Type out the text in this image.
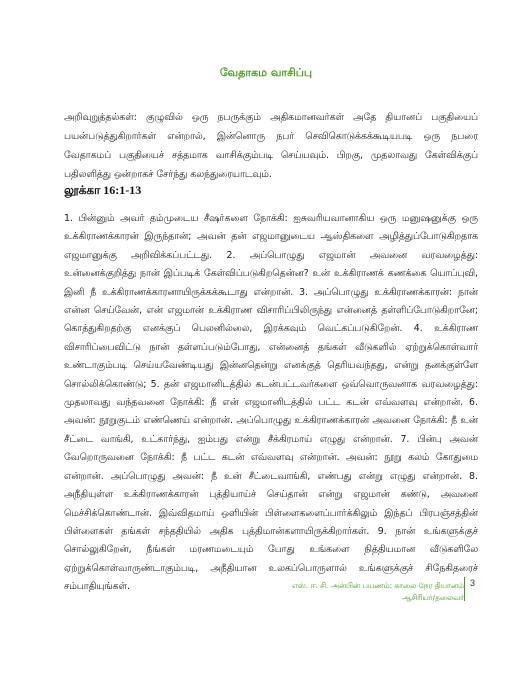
வேதாகம வாசிப்பு
அறிவுறுத்தல்கள்: குழுவில் ஒரு நபருக்கும் அதிகமானவர்கள் அதே தியானப் பகுதியைப் பயன்படுத்துகிறார்கள் என்றால், இன்னொரு நபர் செவிகொடுக்கக்கூடியபடி ஒரு நபரை வேதாகமப் பகுதியைச் சத்தமாக வாசிக்கும்படி செய்யவும். பிறகு, முதலாவது கேள்விக்குப் பதிலளித்து ஒன்றாகச் சேர்ந்து கலந்துரையாடவும்.
லூக்கா 16:1-13
1. பின்னும் அவர் தம்முடைய சீஷர்களை நோக்கி: ஐசுவரியவானாகிய ஒரு மனுஷனுக்கு ஒரு உக்கிராணக்காரன் இருந்தான்; அவன் தன் எஜமானுடைய ஆஸ்திகளை அழித்துப்போடுகிறதாக எஜமானுக்கு அறிவிக்கப்பட்டது. 2. அப்பொழுது எஜமான் அவனை வரவழைத்து: உன்னைக்குறித்து நான் இப்படிக் கேள்விப்படுகிறதென்ன? உன் உக்கிராணக் கணக்கை யொப்புவி, இனி நீ உக்கிராணக்காரனாயிருக்கக்கூடாது என்றான். 3. அப்பொழுது உக்கிராணக்காரன்: நான் என்ன செய்வேன், என் எஜமான் உக்கிராண விசாரிப்பிலிருந்து என்னைத் தள்ளிப்போடுகிறானே; கொத்துகிறதற்கு எனக்குப் பெலனில்லை, இரக்கவும் வெட்கப்படுகிறேன். 4. உக்கிராண விசாரிப்பைவிட்டு நான் தள்ளப்படும்போது, என்னைத் தங்கள் வீடுகளில் ஏற்றுக்கொள்வார் உண்டாகும்படி செய்யவேண்டியது இன்னதென்று எனக்குத் தெரியவந்தது, என்று தனக்குள்ளே சொல்லிக்கொண்டு; 5. தன் எஜமானிடத்தில் கடன்பட்டவர்களை ஒவ்வொருவனாக வரவழைத்து: முதலாவது வந்தவனை நோக்கி: நீ என் எஜமானிடத்தில் பட்ட கடன் எவ்வளவு என்றான். 6. அவன்: நூறுகுடம் எண்ணெய் என்றான். அப்பொழுது உக்கிராணக்காரன் அவனை நோக்கி: நீ உன் சீட்டை வாங்கி, உட்கார்ந்து, ஐம்பது என்று சீக்கிரமாய் எழுது என்றான். 7. பின்பு அவன் வேறொருவனை நோக்கி: நீ பட்ட கடன் எவ்வளவு என்றான். அவன்: நூறு கலம் கோதுமை என்றான். அப்பொழுது அவன்: நீ உன் சீட்டைவாங்கி, எண்பது என்று எழுது என்றான். 8. அநீதியுள்ள உக்கிராணக்காரன் புத்தியாய்ச் செய்தான் என்று எஜமான் கண்டு, அவனை மெச்சிக்கொண்டான். இவ்விதமாய் ஒளியின் பிள்ளைகளைப்பார்க்கிலும் இந்தப் பிரபஞ்சத்தின் பிள்ளைகள் தங்கள் சந்ததியில் அதிக புத்திமான்களாயிருக்கிறார்கள். 9. நான் உங்களுக்குச் சொல்லுகிறேன், நீங்கள் மரணமடையும் போது உங்களை நித்தியமான வீடுகளிலே ஏற்றுக்கொள்வாருண்டாகும்படி, அநீதியான உலகப்பொருளால் உங்களுக்குச் சிநேகிதரைச் சம்பாதியுங்கள்.	எஸ். ஈ. சி. அன்பின் பயணம்: காலை நேர தியானம்
ஆசிரியர்/தலைவர்
3
